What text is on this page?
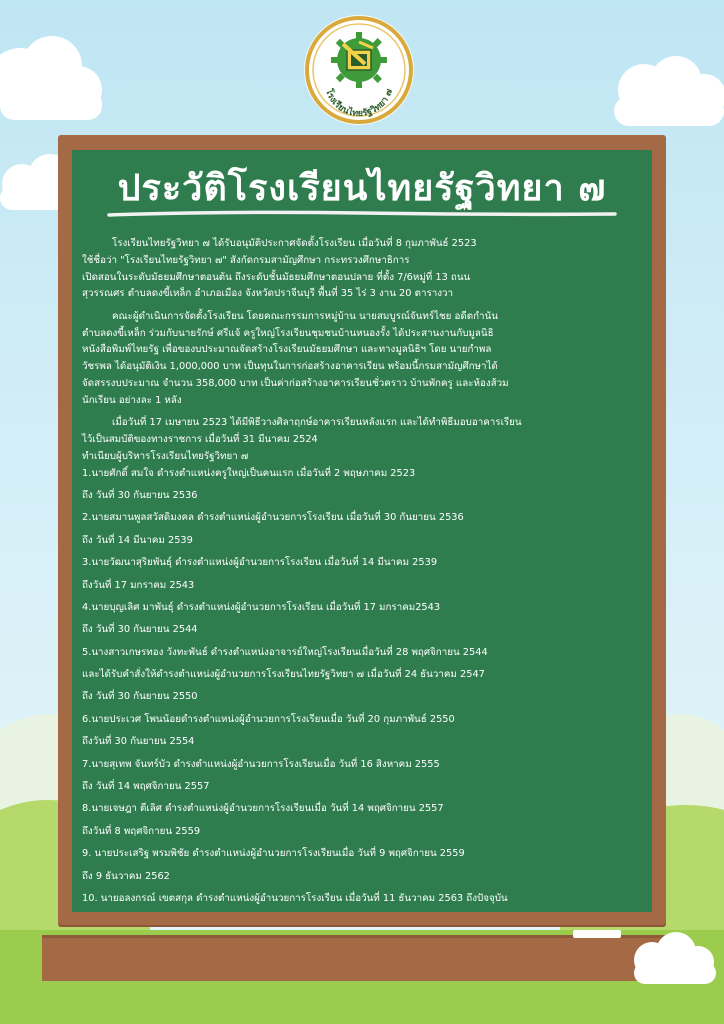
โรงเรียนไทยรัฐวิทยา ๗
ประวัติโรงเรียนไทยรัฐวิทยา ๗

โรงเรียนไทยรัฐวิทยา ๗ ได้รับอนุมัติประกาศจัดตั้งโรงเรียน เมื่อวันที่ 8 กุมภาพันธ์ 2523

ใช้ชื่อว่า "โรงเรียนไทยรัฐวิทยา ๗" สังกัดกรมสามัญศึกษา กระทรวงศึกษาธิการ

เปิดสอนในระดับมัธยมศึกษาตอนต้น ถึงระดับชั้นมัธยมศึกษาตอนปลาย ที่ตั้ง 7/6หมู่ที่ 13 ถนน

สุวรรณศร ตำบลดงขี้เหล็ก อำเภอเมือง จังหวัดปราจีนบุรี พื้นที่ 35 ไร่ 3 งาน 20 ตารางวา

คณะผู้ดำเนินการจัดตั้งโรงเรียน โดยคณะกรรมการหมู่บ้าน นายสมบูรณ์จันทร์ไชย อดีตกำนัน

ตำบลดงขี้เหล็ก ร่วมกับนายรักษ์ ศรีแจ้ ครูใหญ่โรงเรียนชุมชนบ้านหนองรั้ง ได้ประสานงานกับมูลนิธิ

หนังสือพิมพ์ไทยรัฐ เพื่อของบประมาณจัดสร้างโรงเรียนมัธยมศึกษา และทางมูลนิธิฯ โดย นายกำพล

วัชรพล ได้อนุมัติเงิน 1,000,000 บาท เป็นทุนในการก่อสร้างอาคารเรียน พร้อมนี้กรมสามัญศึกษาได้

จัดสรรงบประมาณ จำนวน 358,000 บาท เป็นค่าก่อสร้างอาคารเรียนชั่วคราว บ้านพักครู และห้องส้วม

นักเรียน อย่างละ 1 หลัง

เมื่อวันที่ 17 เมษายน 2523 ได้มีพิธีวางศิลาฤกษ์อาคารเรียนหลังแรก และได้ทำพิธีมอบอาคารเรียน

ไว้เป็นสมบัติของทางราชการ เมื่อวันที่ 31 มีนาคม 2524

ทำเนียบผู้บริหารโรงเรียนไทยรัฐวิทยา ๗

1.นายศักดิ์ สมใจ ดำรงตำแหน่งครูใหญ่เป็นคนแรก เมื่อวันที่ 2 พฤษภาคม 2523

ถึง วันที่ 30 กันยายน 2536

2.นายสมานพูลสวัสดิมงคล ดำรงตำแหน่งผู้อำนวยการโรงเรียน เมื่อวันที่ 30 กันยายน 2536

ถึง วันที่ 14 มีนาคม 2539

3.นายวัฒนาสุริยพันธุ์ ดำรงตำแหน่งผู้อำนวยการโรงเรียน เมื่อวันที่ 14 มีนาคม 2539

ถึงวันที่ 17 มกราคม 2543

4.นายบุญเลิศ มาพันธุ์ ดำรงตำแหน่งผู้อำนวยการโรงเรียน เมื่อวันที่ 17 มกราคม2543

ถึง วันที่ 30 กันยายน 2544

5.นางสาวเกษรทอง วังทะพันธ์ ดำรงตำแหน่งอาจารย์ใหญ่โรงเรียนเมื่อวันที่ 28 พฤศจิกายน 2544

และได้รับคำสั่งให้ดำรงตำแหน่งผู้อำนวยการโรงเรียนไทยรัฐวิทยา ๗ เมื่อวันที่ 24 ธันวาคม 2547

ถึง วันที่ 30 กันยายน 2550

6.นายประเวศ โพนน้อยดำรงตำแหน่งผู้อำนวยการโรงเรียนเมื่อ วันที่ 20 กุมภาพันธ์ 2550

ถึงวันที่ 30 กันยายน 2554

7.นายสุเทพ จันทร์บัว ดำรงตำแหน่งผู้อำนวยการโรงเรียนเมื่อ วันที่ 16 สิงหาคม 2555

ถึง วันที่ 14 พฤศจิกายน 2557

8.นายเจษฎา ตีเลิศ ดำรงตำแหน่งผู้อำนวยการโรงเรียนเมื่อ วันที่ 14 พฤศจิกายน 2557

ถึงวันที่ 8 พฤศจิกายน 2559

9. นายประเสริฐ พรมพิชัย ดำรงตำแหน่งผู้อำนวยการโรงเรียนเมื่อ วันที่ 9 พฤศจิกายน 2559

ถึง 9 ธันวาคม 2562

10. นายอลงกรณ์ เขตสกุล ดำรงตำแหน่งผู้อำนวยการโรงเรียน เมื่อวันที่ 11 ธันวาคม 2563 ถึงปัจจุบัน
